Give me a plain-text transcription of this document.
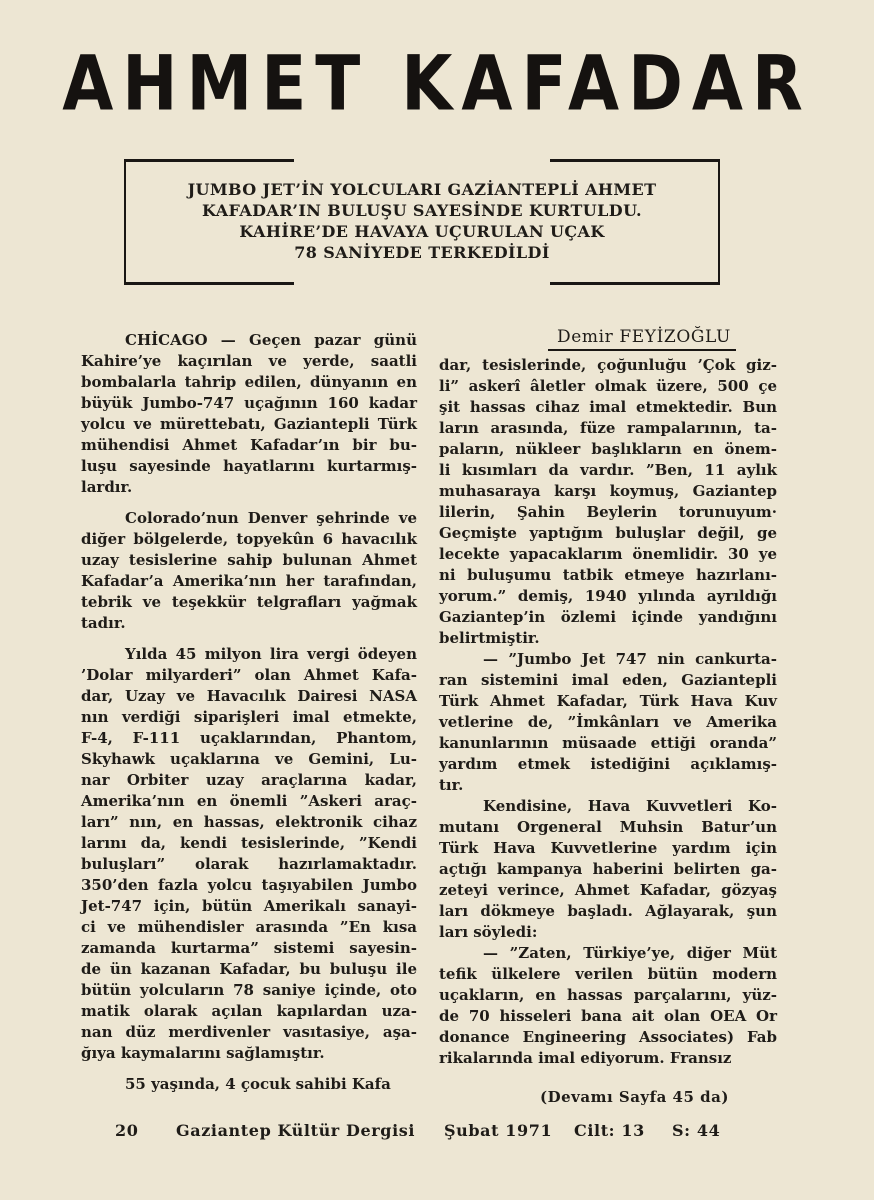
AHMET KAFADAR
JUMBO JET’İN YOLCULARI GAZİANTEPLİ AHMET
KAFADAR’IN BULUŞU SAYESİNDE KURTULDU.
KAHİRE’DE HAVAYA UÇURULAN UÇAK
78 SANİYEDE TERKEDİLDİ
Demir FEYİZOĞLU
CHİCAGO — Geçen pazar günü
Kahire’ye kaçırılan ve yerde, saatli
bombalarla tahrip edilen, dünyanın en
büyük Jumbo-747 uçağının 160 kadar
yolcu ve mürettebatı, Gaziantepli Türk
mühendisi Ahmet Kafadar’ın bir bu-
luşu sayesinde hayatlarını kurtarmış-
lardır.
Colorado’nun Denver şehrinde ve
diğer bölgelerde, topyekûn 6 havacılık
uzay tesislerine sahip bulunan Ahmet
Kafadar’a Amerika’nın her tarafından,
tebrik ve teşekkür telgrafları yağmak
tadır.
Yılda 45 milyon lira vergi ödeyen
’Dolar milyarderi” olan Ahmet Kafa-
dar, Uzay ve Havacılık Dairesi NASA
nın verdiği siparişleri imal etmekte,
F-4, F-111 uçaklarından, Phantom,
Skyhawk uçaklarına ve Gemini, Lu-
nar Orbiter uzay araçlarına kadar,
Amerika’nın en önemli ”Askeri araç-
ları” nın, en hassas, elektronik cihaz
larını da, kendi tesislerinde, ”Kendi
buluşları” olarak hazırlamaktadır.
350’den fazla yolcu taşıyabilen Jumbo
Jet-747 için, bütün Amerikalı sanayi-
ci ve mühendisler arasında ”En kısa
zamanda kurtarma” sistemi sayesin-
de ün kazanan Kafadar, bu buluşu ile
bütün yolcuların 78 saniye içinde, oto
matik olarak açılan kapılardan uza-
nan düz merdivenler vasıtasiye, aşa-
ğıya kaymalarını sağlamıştır.
55 yaşında, 4 çocuk sahibi Kafa
dar, tesislerinde, çoğunluğu ’Çok giz-
li” askerî âletler olmak üzere, 500 çe
şit hassas cihaz imal etmektedir. Bun
ların arasında, füze rampalarının, ta-
paların, nükleer başlıkların en önem-
li kısımları da vardır. ”Ben, 11 aylık
muhasaraya karşı koymuş, Gaziantep
lilerin, Şahin Beylerin torunuyum·
Geçmişte yaptığım buluşlar değil, ge
lecekte yapacaklarım önemlidir. 30 ye
ni buluşumu tatbik etmeye hazırlanı-
yorum.” demiş, 1940 yılında ayrıldığı
Gaziantep’in özlemi içinde yandığını
belirtmiştir.
— ”Jumbo Jet 747 nin cankurta-
ran sistemini imal eden, Gaziantepli
Türk Ahmet Kafadar, Türk Hava Kuv
vetlerine de, ”İmkânları ve Amerika
kanunlarının müsaade ettiği oranda”
yardım etmek istediğini açıklamış-
tır.
Kendisine, Hava Kuvvetleri Ko-
mutanı Orgeneral Muhsin Batur’un
Türk Hava Kuvvetlerine yardım için
açtığı kampanya haberini belirten ga-
zeteyi verince, Ahmet Kafadar, gözyaş
ları dökmeye başladı. Ağlayarak, şun
ları söyledi:
— ”Zaten, Türkiye’ye, diğer Müt
tefik ülkelere verilen bütün modern
uçakların, en hassas parçalarını, yüz-
de 70 hisseleri bana ait olan OEA Or
donance Engineering Associates) Fab
rikalarında imal ediyorum. Fransız
(Devamı Sayfa 45 da)
20 Gaziantep Kültür Dergisi Şubat 1971 Cilt: 13 S: 44
